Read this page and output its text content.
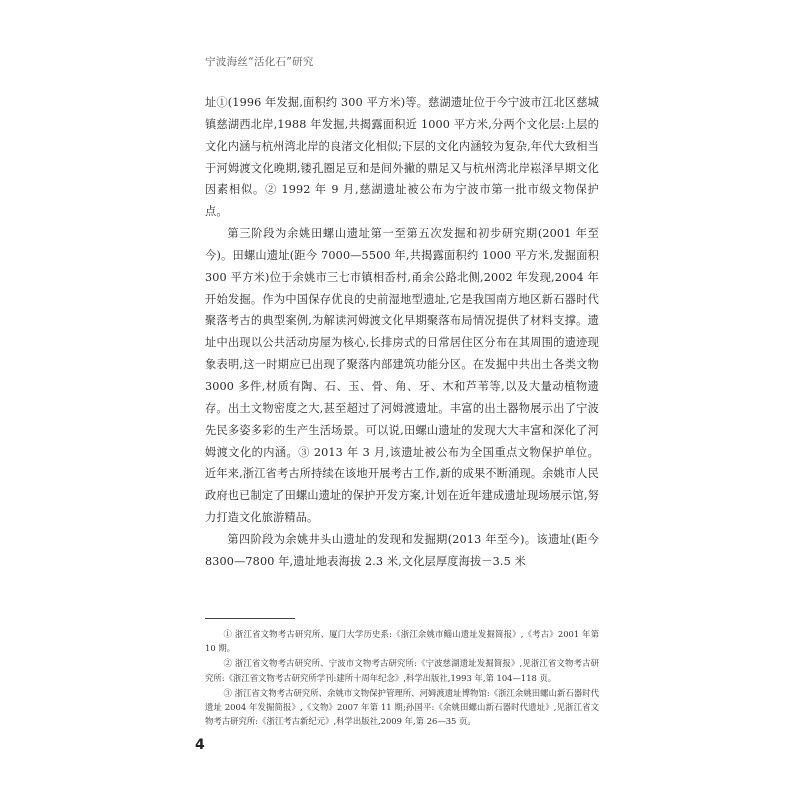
宁波海丝“活化石”研究

址①(1996 年发掘,面积约 300 平方米)等。慈湖遗址位于今宁波市江北区慈城镇慈湖西北岸,1988 年发掘,共揭露面积近 1000 平方米,分两个文化层:上层的文化内涵与杭州湾北岸的良渚文化相似;下层的文化内涵较为复杂,年代大致相当于河姆渡文化晚期,镂孔圈足豆和是间外撇的鼎足又与杭州湾北岸崧泽早期文化因素相似。② 1992 年 9 月,慈湖遗址被公布为宁波市第一批市级文物保护点。

第三阶段为余姚田螺山遗址第一至第五次发掘和初步研究期(2001 年至今)。田螺山遗址(距今 7000—5500 年,共揭露面积约 1000 平方米,发掘面积 300 平方米)位于余姚市三七市镇相岙村,甬余公路北侧,2002 年发现,2004 年开始发掘。作为中国保存优良的史前湿地型遗址,它是我国南方地区新石器时代聚落考古的典型案例,为解读河姆渡文化早期聚落布局情况提供了材料支撑。遗址中出现以公共活动房屋为核心,长排房式的日常居住区分布在其周围的遗迹现象表明,这一时期应已出现了聚落内部建筑功能分区。在发掘中共出土各类文物 3000 多件,材质有陶、石、玉、骨、角、牙、木和芦苇等,以及大量动植物遗存。出土文物密度之大,甚至超过了河姆渡遗址。丰富的出土器物展示出了宁波先民多姿多彩的生产生活场景。可以说,田螺山遗址的发现大大丰富和深化了河姆渡文化的内涵。③ 2013 年 3 月,该遗址被公布为全国重点文物保护单位。近年来,浙江省考古所持续在该地开展考古工作,新的成果不断涌现。余姚市人民政府也已制定了田螺山遗址的保护开发方案,计划在近年建成遗址现场展示馆,努力打造文化旅游精品。

第四阶段为余姚井头山遗址的发现和发掘期(2013 年至今)。该遗址(距今 8300—7800 年,遗址地表海拔 2.3 米,文化层厚度海拔－3.5 米

① 浙江省文物考古研究所、厦门大学历史系:《浙江余姚市鲻山遗址发掘简报》,《考古》2001 年第 10 期。

② 浙江省文物考古研究所、宁波市文物考古研究所:《宁波慈湖遗址发掘简报》,见浙江省文物考古研究所:《浙江省文物考古研究所学刊:建所十周年纪念》,科学出版社,1993 年,第 104—118 页。

③ 浙江省文物考古研究所、余姚市文物保护管理所、河姆渡遗址博物馆:《浙江余姚田螺山新石器时代遗址 2004 年发掘简报》,《文物》2007 年第 11 期;孙国平:《余姚田螺山新石器时代遗址》,见浙江省文物考古研究所:《浙江考古新纪元》,科学出版社,2009 年,第 26—35 页。

4
